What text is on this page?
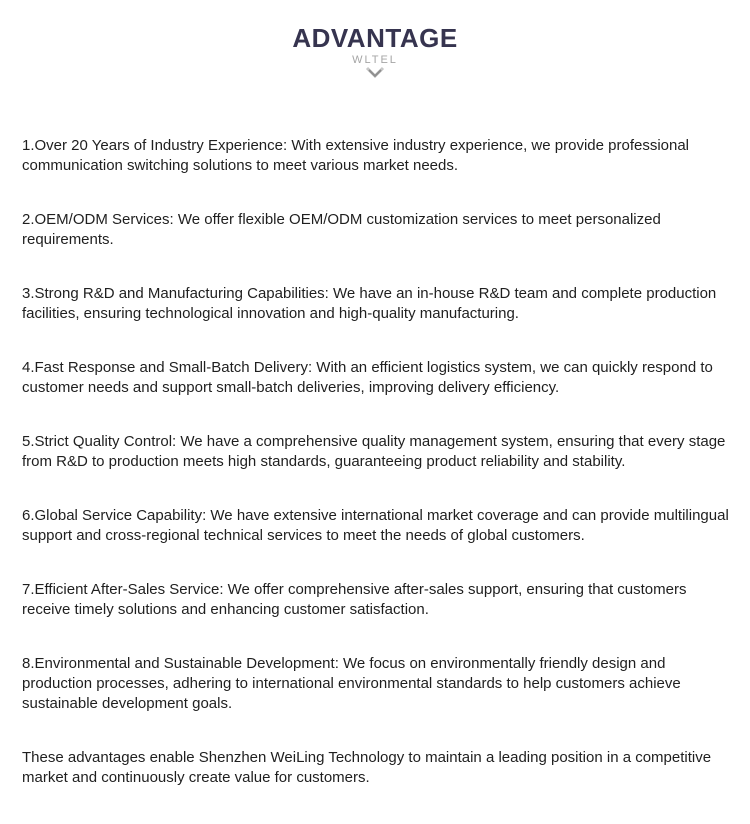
ADVANTAGE
WLTEL

1.Over 20 Years of Industry Experience: With extensive industry experience, we provide professional communication switching solutions to meet various market needs.

2.OEM/ODM Services: We offer flexible OEM/ODM customization services to meet personalized requirements.

3.Strong R&D and Manufacturing Capabilities: We have an in-house R&D team and complete production facilities, ensuring technological innovation and high-quality manufacturing.

4.Fast Response and Small-Batch Delivery: With an efficient logistics system, we can quickly respond to customer needs and support small-batch deliveries, improving delivery efficiency.

5.Strict Quality Control: We have a comprehensive quality management system, ensuring that every stage from R&D to production meets high standards, guaranteeing product reliability and stability.

6.Global Service Capability: We have extensive international market coverage and can provide multilingual support and cross-regional technical services to meet the needs of global customers.

7.Efficient After-Sales Service: We offer comprehensive after-sales support, ensuring that customers receive timely solutions and enhancing customer satisfaction.

8.Environmental and Sustainable Development: We focus on environmentally friendly design and production processes, adhering to international environmental standards to help customers achieve sustainable development goals.

These advantages enable Shenzhen WeiLing Technology to maintain a leading position in a competitive market and continuously create value for customers.
